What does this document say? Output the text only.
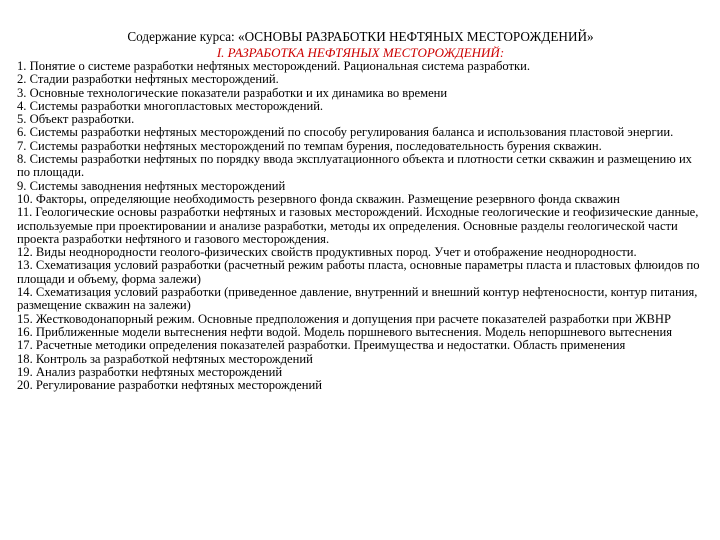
Содержание курса: «ОСНОВЫ РАЗРАБОТКИ НЕФТЯНЫХ МЕСТОРОЖДЕНИЙ»

I. РАЗРАБОТКА НЕФТЯНЫХ МЕСТОРОЖДЕНИЙ:

1. Понятие о системе разработки нефтяных месторождений. Рациональная система разработки.
2. Стадии разработки нефтяных месторождений.
3. Основные технологические показатели разработки и их динамика во времени
4. Системы разработки многопластовых месторождений.
5. Объект разработки.
6. Системы разработки нефтяных месторождений по способу регулирования баланса и использования пластовой энергии.
7. Системы разработки нефтяных месторождений по темпам бурения, последовательность бурения скважин.
8. Системы разработки нефтяных по порядку ввода эксплуатационного объекта и плотности сетки скважин и размещению их по площади.
9. Системы заводнения нефтяных месторождений
10. Факторы, определяющие необходимость резервного фонда скважин. Размещение резервного фонда скважин
11. Геологические основы разработки нефтяных и газовых месторождений. Исходные геологические и геофизические данные, используемые при проектировании и анализе разработки, методы их определения. Основные разделы геологической части проекта разработки нефтяного и газового месторождения.
12. Виды неоднородности геолого-физических свойств продуктивных пород. Учет и отображение неоднородности.
13. Схематизация условий разработки (расчетный режим работы пласта, основные параметры пласта и пластовых флюидов по площади и объему, форма залежи)
14. Схематизация условий разработки (приведенное давление, внутренний и внешний контур нефтеносности, контур питания, размещение скважин на залежи)
15. Жестководонапорный режим. Основные предположения и допущения при расчете показателей разработки при ЖВНР
16. Приближенные модели вытеснения нефти водой. Модель поршневого вытеснения. Модель непоршневого вытеснения
17. Расчетные методики определения показателей разработки. Преимущества и недостатки. Область применения
18. Контроль за разработкой нефтяных месторождений
19. Анализ разработки нефтяных месторождений
20. Регулирование разработки нефтяных месторождений
